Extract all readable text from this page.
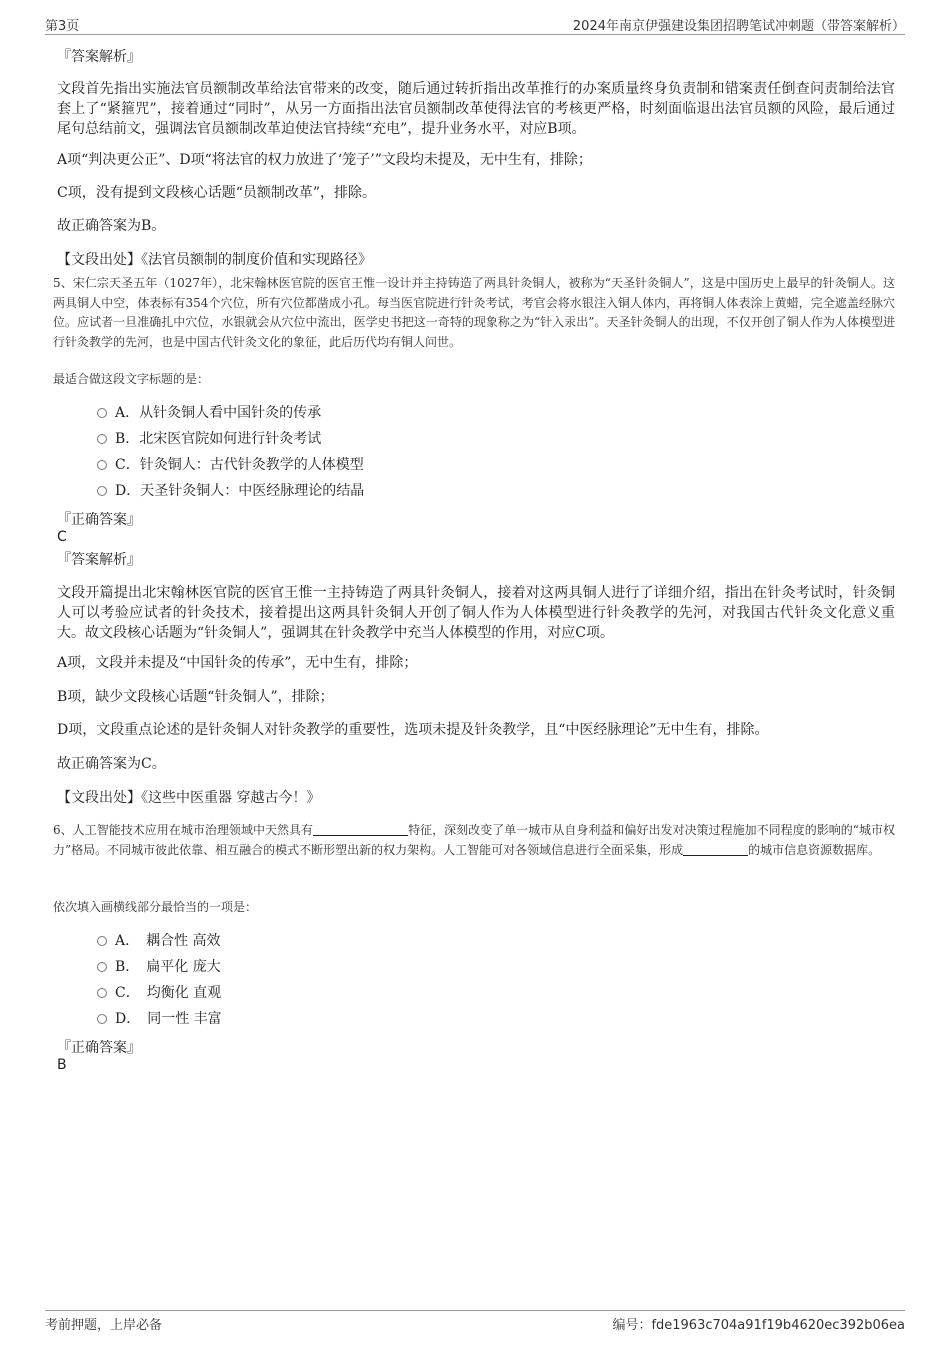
第3页	2024年南京伊强建设集团招聘笔试冲刺题（带答案解析）
『答案解析』
文段首先指出实施法官员额制改革给法官带来的改变，随后通过转折指出改革推行的办案质量终身负责制和错案责任倒查问责制给法官套上了“紧箍咒”，接着通过“同时”，从另一方面指出法官员额制改革使得法官的考核更严格，时刻面临退出法官员额的风险，最后通过尾句总结前文，强调法官员额制改革迫使法官持续“充电”，提升业务水平，对应B项。
A项“判决更公正”、D项“将法官的权力放进了‘笼子’”文段均未提及，无中生有，排除；
C项，没有提到文段核心话题“员额制改革”，排除。
故正确答案为B。
【文段出处】《法官员额制的制度价值和实现路径》
5、宋仁宗天圣五年（1027年），北宋翰林医官院的医官王惟一设计并主持铸造了两具针灸铜人，被称为“天圣针灸铜人”，这是中国历史上最早的针灸铜人。这两具铜人中空，体表标有354个穴位，所有穴位都凿成小孔。每当医官院进行针灸考试，考官会将水银注入铜人体内，再将铜人体表涂上黄蜡，完全遮盖经脉穴位。应试者一旦准确扎中穴位，水银就会从穴位中流出，医学史书把这一奇特的现象称之为“针入汞出”。天圣针灸铜人的出现，不仅开创了铜人作为人体模型进行针灸教学的先河，也是中国古代针灸文化的象征，此后历代均有铜人问世。
最适合做这段文字标题的是：
A．从针灸铜人看中国针灸的传承
B．北宋医官院如何进行针灸考试
C．针灸铜人：古代针灸教学的人体模型
D．天圣针灸铜人：中医经脉理论的结晶
『正确答案』
C
『答案解析』
文段开篇提出北宋翰林医官院的医官王惟一主持铸造了两具针灸铜人，接着对这两具铜人进行了详细介绍，指出在针灸考试时，针灸铜人可以考验应试者的针灸技术，接着提出这两具针灸铜人开创了铜人作为人体模型进行针灸教学的先河，对我国古代针灸文化意义重大。故文段核心话题为“针灸铜人”，强调其在针灸教学中充当人体模型的作用，对应C项。
A项，文段并未提及“中国针灸的传承”，无中生有，排除；
B项，缺少文段核心话题“针灸铜人”，排除；
D项，文段重点论述的是针灸铜人对针灸教学的重要性，选项未提及针灸教学，且“中医经脉理论”无中生有，排除。
故正确答案为C。
【文段出处】《这些中医重器 穿越古今！》
6、人工智能技术应用在城市治理领域中天然具有	特征，深刻改变了单一城市从自身利益和偏好出发对决策过程施加不同程度的影响的“城市权力”格局。不同城市彼此依靠、相互融合的模式不断形塑出新的权力架构。人工智能可对各领域信息进行全面采集，形成	的城市信息资源数据库。
依次填入画横线部分最恰当的一项是：
A．　耦合性 高效
B．　扁平化 庞大
C．　均衡化 直观
D．　同一性 丰富
『正确答案』
B
考前押题，上岸必备	编号：fde1963c704a91f19b4620ec392b06ea
